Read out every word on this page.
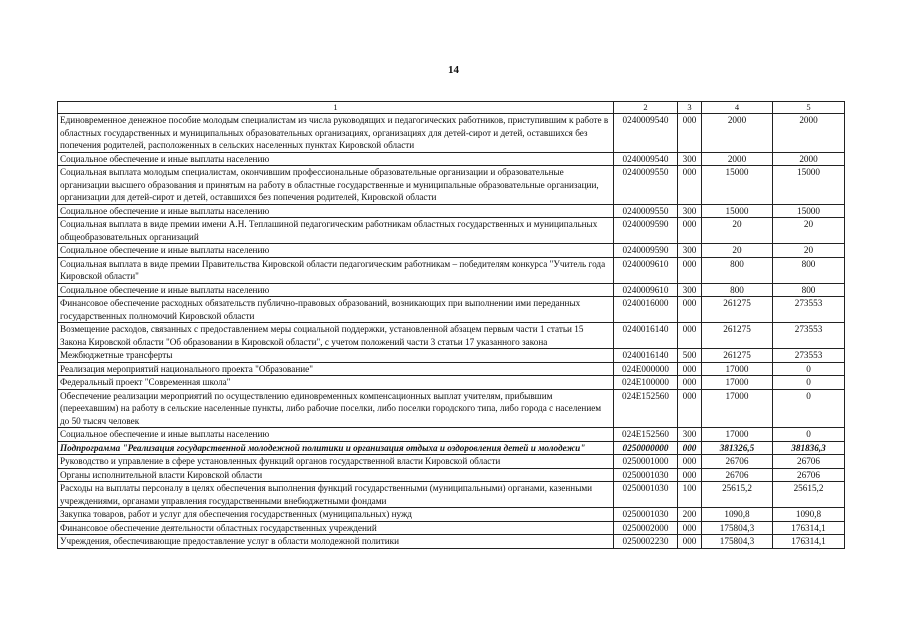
14
1	2	3	4	5
Единовременное денежное пособие молодым специалистам из числа руководящих и педагогических работников, приступившим к работе в областных государственных и муниципальных образовательных организациях, организациях для детей-сирот и детей, оставшихся без попечения родителей, расположенных в сельских населенных пунктах Кировской области	0240009540	000	2000	2000
Социальное обеспечение и иные выплаты населению	0240009540	300	2000	2000
Социальная выплата молодым специалистам, окончившим профессиональные образовательные организации и образовательные организации высшего образования и принятым на работу в областные государственные и муниципальные образовательные организации, организации для детей-сирот и детей, оставшихся без попечения родителей, Кировской области	0240009550	000	15000	15000
Социальное обеспечение и иные выплаты населению	0240009550	300	15000	15000
Социальная выплата в виде премии имени А.Н. Теплашиной педагогическим работникам областных государственных и муниципальных общеобразовательных организаций	0240009590	000	20	20
Социальное обеспечение и иные выплаты населению	0240009590	300	20	20
Социальная выплата в виде премии Правительства Кировской области педагогическим работникам – победителям конкурса "Учитель года Кировской области"	0240009610	000	800	800
Социальное обеспечение и иные выплаты населению	0240009610	300	800	800
Финансовое обеспечение расходных обязательств публично-правовых образований, возникающих при выполнении ими переданных государственных полномочий Кировской области	0240016000	000	261275	273553
Возмещение расходов, связанных с предоставлением меры социальной поддержки, установленной абзацем первым части 1 статьи 15 Закона Кировской области "Об образовании в Кировской области", с учетом положений части 3 статьи 17 указанного закона	0240016140	000	261275	273553
Межбюджетные трансферты	0240016140	500	261275	273553
Реализация мероприятий национального проекта "Образование"	024E000000	000	17000	0
Федеральный проект "Современная школа"	024E100000	000	17000	0
Обеспечение реализации мероприятий по осуществлению единовременных компенсационных выплат учителям, прибывшим (переехавшим) на работу в сельские населенные пункты, либо рабочие поселки, либо поселки городского типа, либо города с населением до 50 тысяч человек	024E152560	000	17000	0
Социальное обеспечение и иные выплаты населению	024E152560	300	17000	0
Подпрограмма "Реализация государственной молодежной политики и организация отдыха и оздоровления детей и молодежи"	0250000000	000	381326,5	381836,3
Руководство и управление в сфере установленных функций органов государственной власти Кировской области	0250001000	000	26706	26706
Органы исполнительной власти Кировской области	0250001030	000	26706	26706
Расходы на выплаты персоналу в целях обеспечения выполнения функций государственными (муниципальными) органами, казенными учреждениями, органами управления государственными внебюджетными фондами	0250001030	100	25615,2	25615,2
Закупка товаров, работ и услуг для обеспечения государственных (муниципальных) нужд	0250001030	200	1090,8	1090,8
Финансовое обеспечение деятельности областных государственных учреждений	0250002000	000	175804,3	176314,1
Учреждения, обеспечивающие предоставление услуг в области молодежной политики	0250002230	000	175804,3	176314,1
